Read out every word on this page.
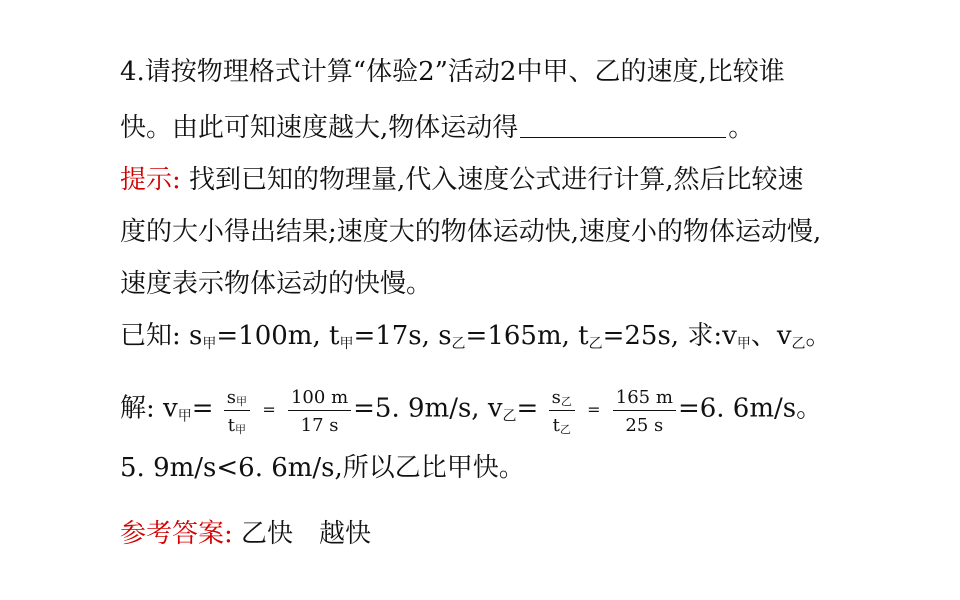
4.请按物理格式计算“体验2”活动2中甲、乙的速度,比较谁
快。由此可知速度越大,物体运动得	。
提示: 找到已知的物理量,代入速度公式进行计算,然后比较速
度的大小得出结果;速度大的物体运动快,速度小的物体运动慢,
速度表示物体运动的快慢。
已知: $s_甲=100m$, $t_甲=17s$, $s_乙=165m$, $t_乙=25s$, 求$:v_甲$、$v_乙$。
解: $v_甲= \frac{s_甲}{t_甲} = \frac{100 m}{17 s} =5$. 9m/s, $v_乙= \frac{s_乙}{t_乙} = \frac{165 m}{25 s} =6$. 6m/s。
5. 9m/s<6. 6m/s,所以乙比甲快。
参考答案: 乙快　越快
